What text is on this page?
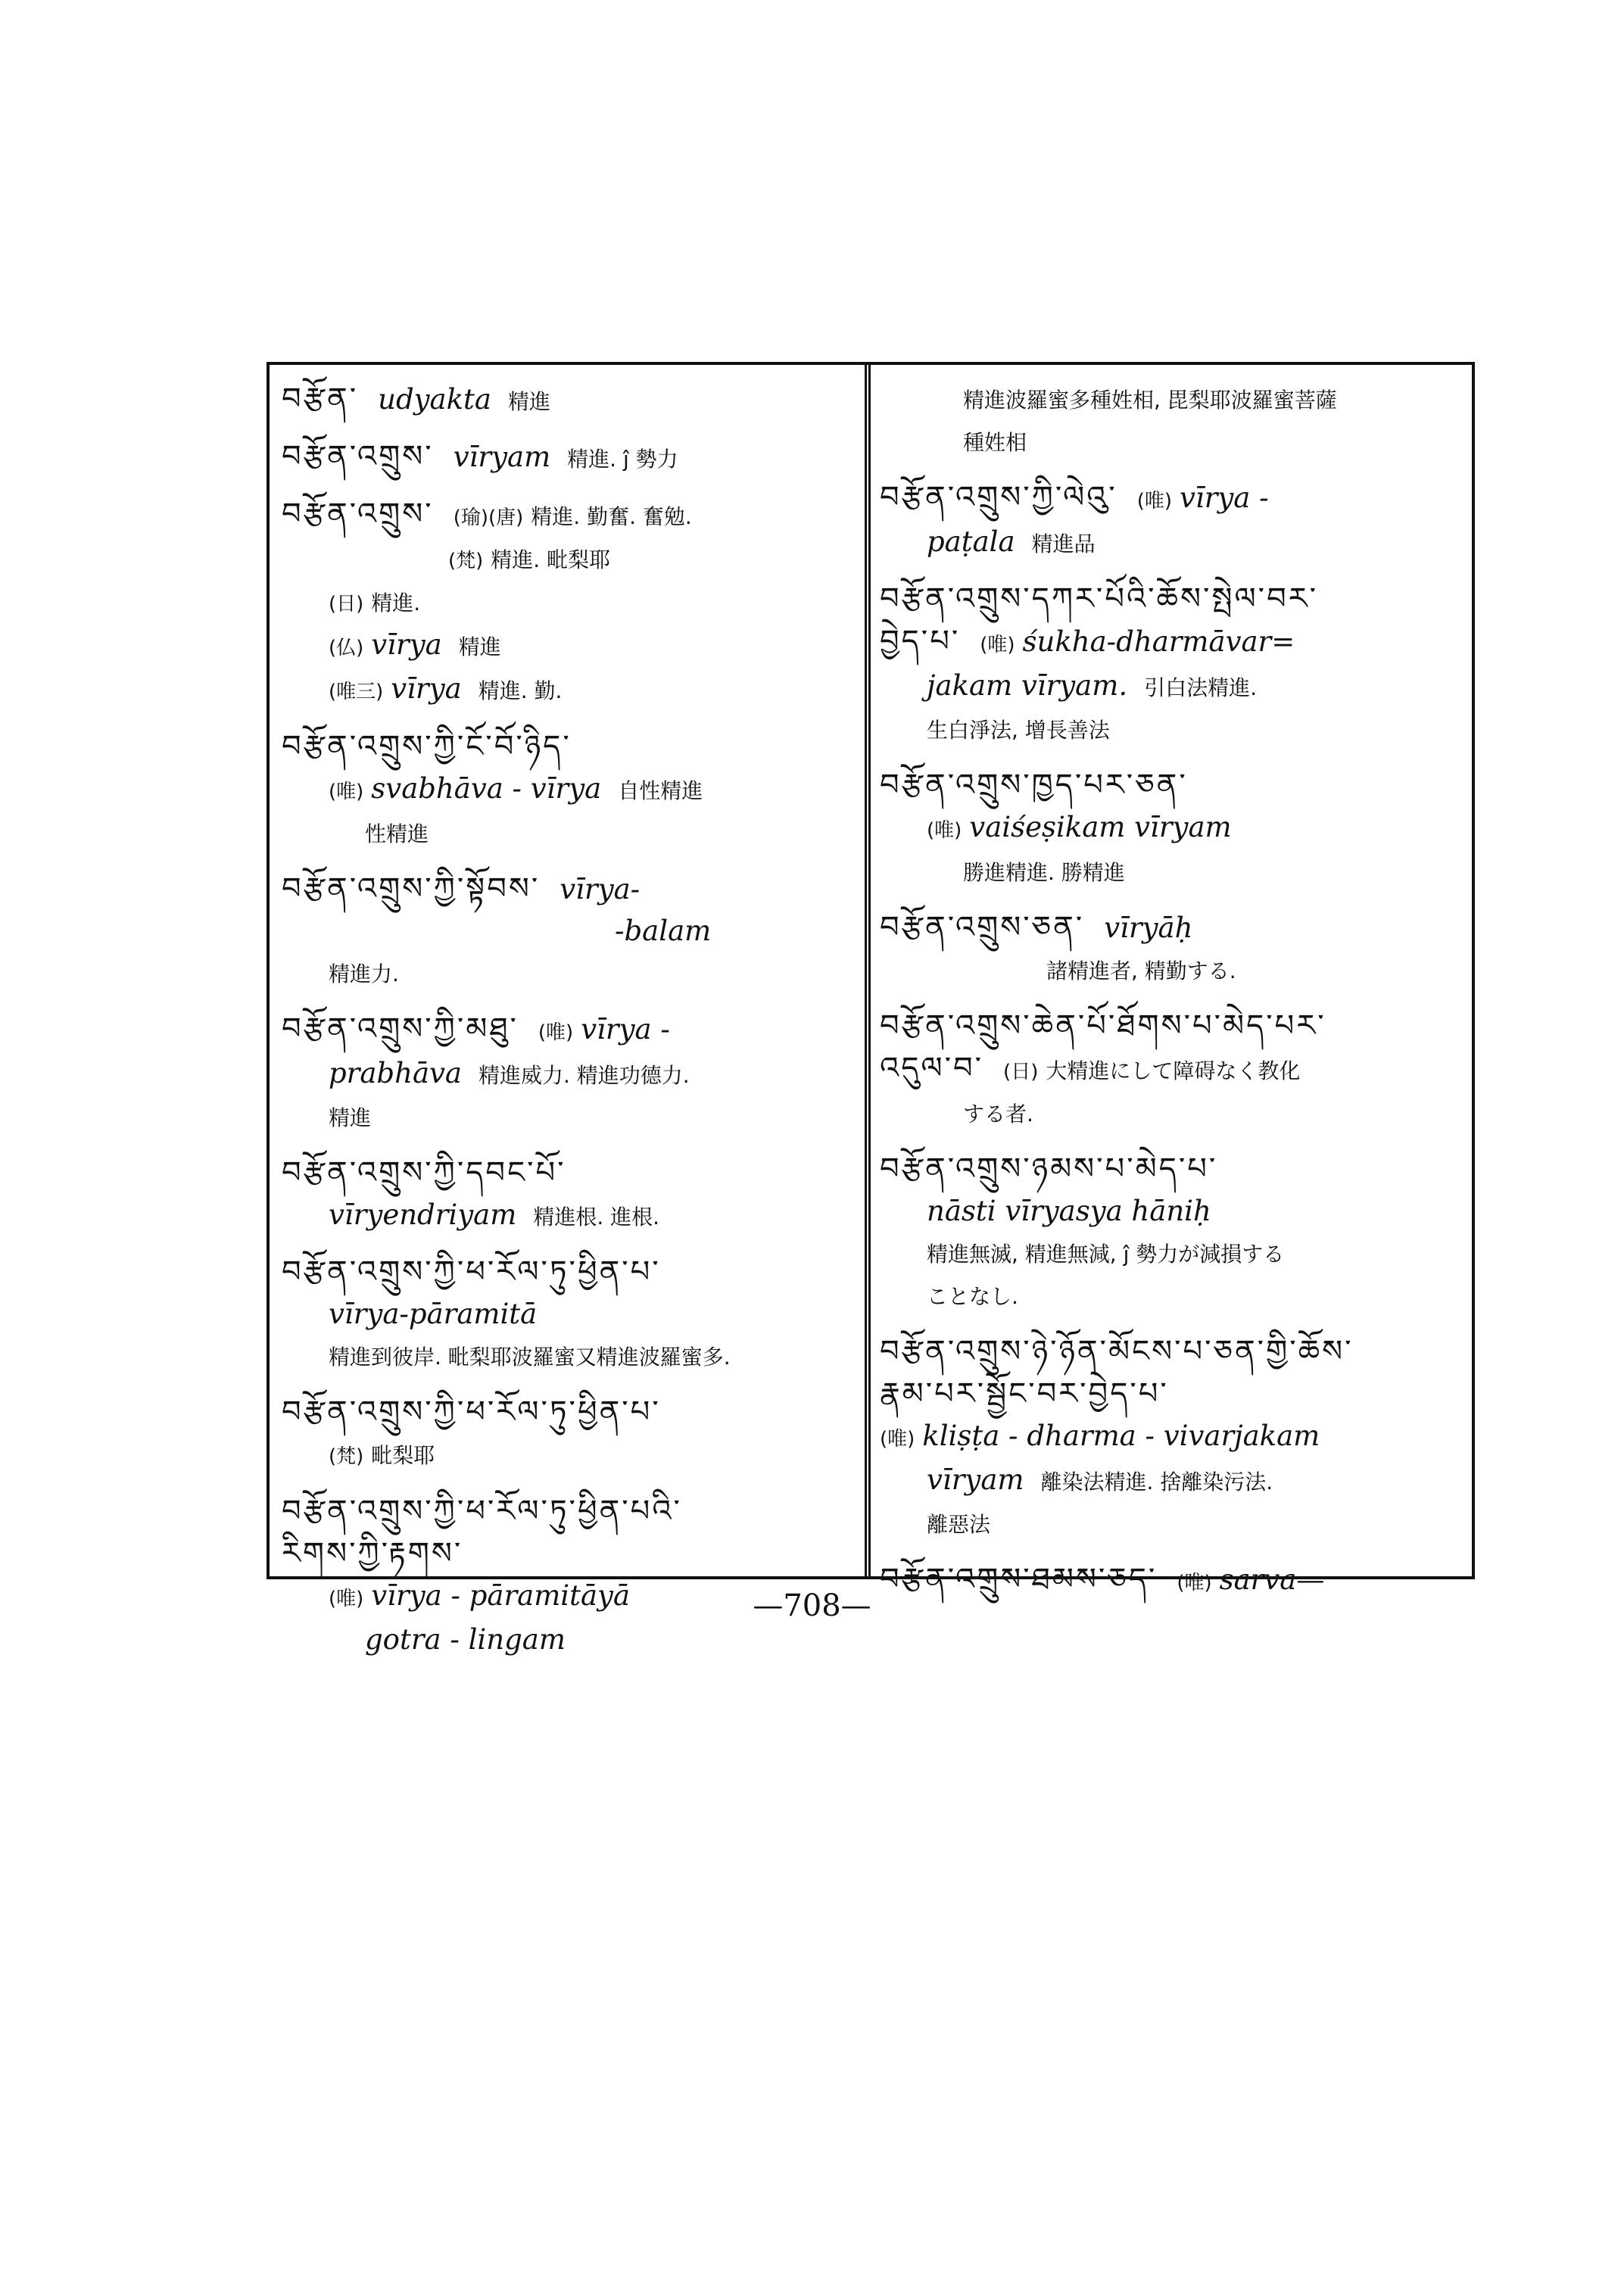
བརྩོན་ udyakta 精進
བརྩོན་འགྲུས་ vīryam 精進. ĵ 勢力
བརྩོན་འགྲུས་ (瑜)(唐) 精進. 勤奮. 奮勉.
(梵) 精進. 毗梨耶
(日) 精進.
(仏) vīrya 精進
(唯三) vīrya 精進. 勤.
བརྩོན་འགྲུས་ཀྱི་ངོ་བོ་ཉིད་
(唯) svabhāva - vīrya 自性精進
性精進
བརྩོན་འགྲུས་ཀྱི་སྟོབས་ vīrya-
-balam
精進力.
བརྩོན་འགྲུས་ཀྱི་མཐུ་ (唯) vīrya -
prabhāva 精進威力. 精進功德力.
精進
བརྩོན་འགྲུས་ཀྱི་དབང་པོ་
vīryendriyam 精進根. 進根.
བརྩོན་འགྲུས་ཀྱི་ཕ་རོལ་ཏུ་ཕྱིན་པ་
vīrya-pāramitā
精進到彼岸. 毗梨耶波羅蜜又精進波羅蜜多.
བརྩོན་འགྲུས་ཀྱི་ཕ་རོལ་ཏུ་ཕྱིན་པ་
(梵) 毗梨耶
བརྩོན་འགྲུས་ཀྱི་ཕ་རོལ་ཏུ་ཕྱིན་པའི་
རིགས་ཀྱི་རྟགས་
(唯) vīrya - pāramitāyā
gotra - lingam
精進波羅蜜多種姓相, 毘梨耶波羅蜜菩薩
種姓相
བརྩོན་འགྲུས་ཀྱི་ལེའུ་ (唯) vīrya -
paṭala 精進品
བརྩོན་འགྲུས་དཀར་པོའི་ཆོས་སྤེལ་བར་
བྱེད་པ་ (唯) śukha-dharmāvar=
jakam vīryam. 引白法精進.
生白淨法, 增長善法
བརྩོན་འགྲུས་ཁྱད་པར་ཅན་
(唯) vaiśeṣikam vīryam
勝進精進. 勝精進
བརྩོན་འགྲུས་ཅན་ vīryāḥ
諸精進者, 精勤する.
བརྩོན་འགྲུས་ཆེན་པོ་ཐོགས་པ་མེད་པར་
འདུལ་བ་ (日) 大精進にして障碍なく教化
する者.
བརྩོན་འགྲུས་ཉམས་པ་མེད་པ་
nāsti vīryasya hāniḥ
精進無滅, 精進無減, ĵ 勢力が減損する
ことなし.
བརྩོན་འགྲུས་ཉེ་ཉོན་མོངས་པ་ཅན་གྱི་ཆོས་
རྣམ་པར་སྦྱོང་བར་བྱེད་པ་
(唯) kliṣṭa - dharma - vivarjakam
vīryam 離染法精進. 捨離染污法.
離惡法
བརྩོན་འགྲུས་ཐམས་ཅད་ (唯) sarva—
—708—
